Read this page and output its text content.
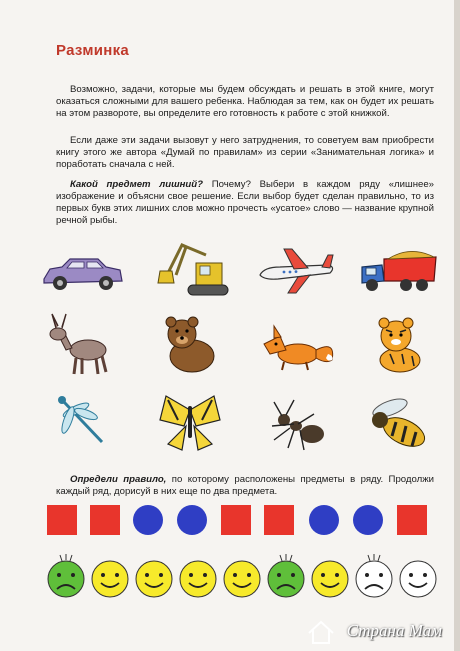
Разминка
Возможно, задачи, которые мы будем обсуждать и решать в этой книге, могут оказаться сложными для вашего ребенка. Наблюдая за тем, как он будет их решать на этом развороте, вы определите его готовность к работе с этой книжкой.
Если даже эти задачи вызовут у него затруднения, то советуем вам приобрести книгу этого же автора «Думай по правилам» из серии «Занимательная логика» и поработать сначала с ней.
Какой предмет лишний? Почему? Выбери в каждом ряду «лишнее» изображение и объясни свое решение. Если выбор будет сделан правильно, то из первых букв этих лишних слов можно прочесть «усатое» слово — название крупной речной рыбы.
Определи правило, по которому расположены предметы в ряду. Продолжи каждый ряд, дорисуй в них еще по два предмета.
Страна Мам
